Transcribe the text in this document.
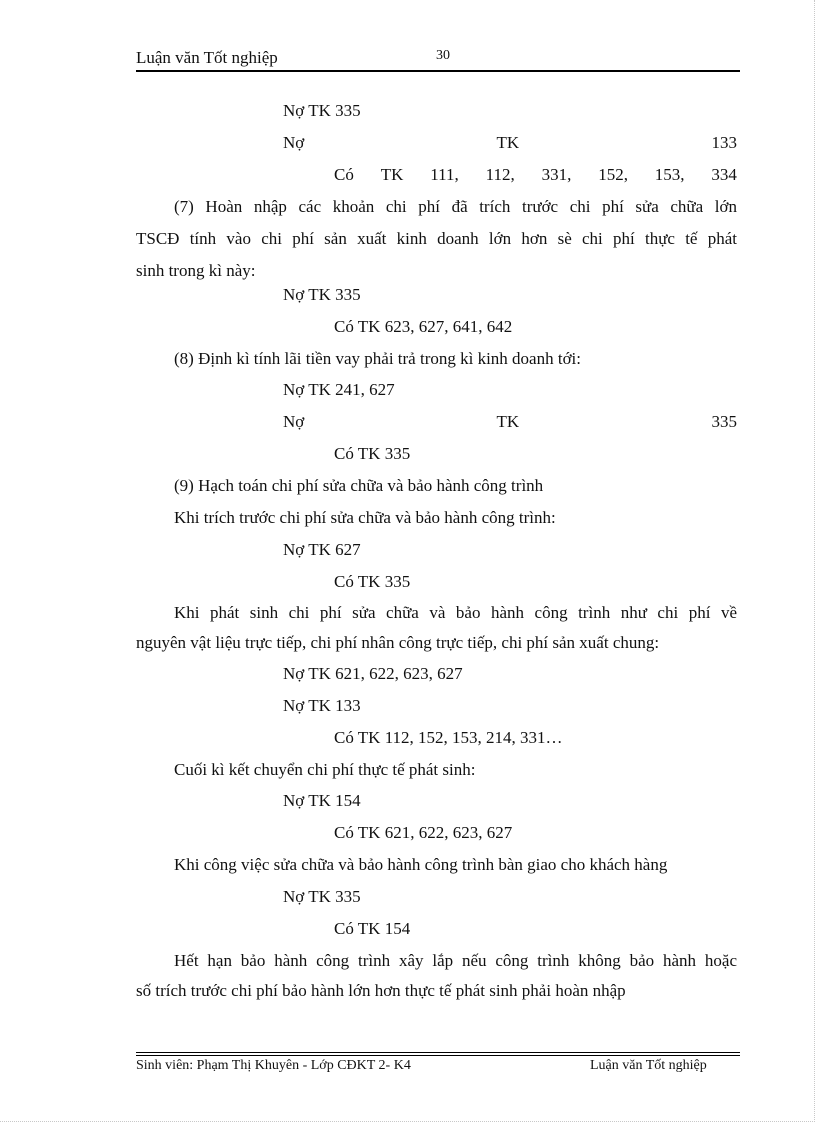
Luận văn Tốt nghiệp	30
Nợ TK 335
Nợ	TK	133
Có TK 111, 112, 331, 152, 153, 334
(7) Hoàn nhập các khoản chi phí đã trích trước chi phí sửa chữa lớn
TSCĐ tính vào chi phí sản xuất kinh doanh lớn hơn sè chi phí thực tế phát
sinh trong kì này:
Nợ TK 335
Có TK 623, 627, 641, 642
(8) Định kì tính lãi tiền vay phải trả trong kì kinh doanh tới:
Nợ TK 241, 627
Nợ	TK	335
Có TK 335
(9) Hạch toán chi phí sửa chữa và bảo hành công trình
Khi trích trước chi phí sửa chữa và bảo hành công trình:
Nợ TK 627
Có TK 335
Khi phát sinh chi phí sửa chữa và bảo hành công trình như chi phí về
nguyên vật liệu trực tiếp, chi phí nhân công trực tiếp, chi phí sản xuất chung:
Nợ TK 621, 622, 623, 627
Nợ TK 133
Có TK 112, 152, 153, 214, 331…
Cuối kì kết chuyển chi phí thực tế phát sinh:
Nợ TK 154
Có TK 621, 622, 623, 627
Khi công việc sửa chữa và bảo hành công trình bàn giao cho khách hàng
Nợ TK 335
Có TK 154
Hết hạn bảo hành công trình xây lắp nếu công trình không bảo hành hoặc
số trích trước chi phí bảo hành lớn hơn thực tế phát sinh phải hoàn nhập
Sinh viên: Phạm Thị Khuyên - Lớp CĐKT 2- K4	Luận văn Tốt nghiệp
